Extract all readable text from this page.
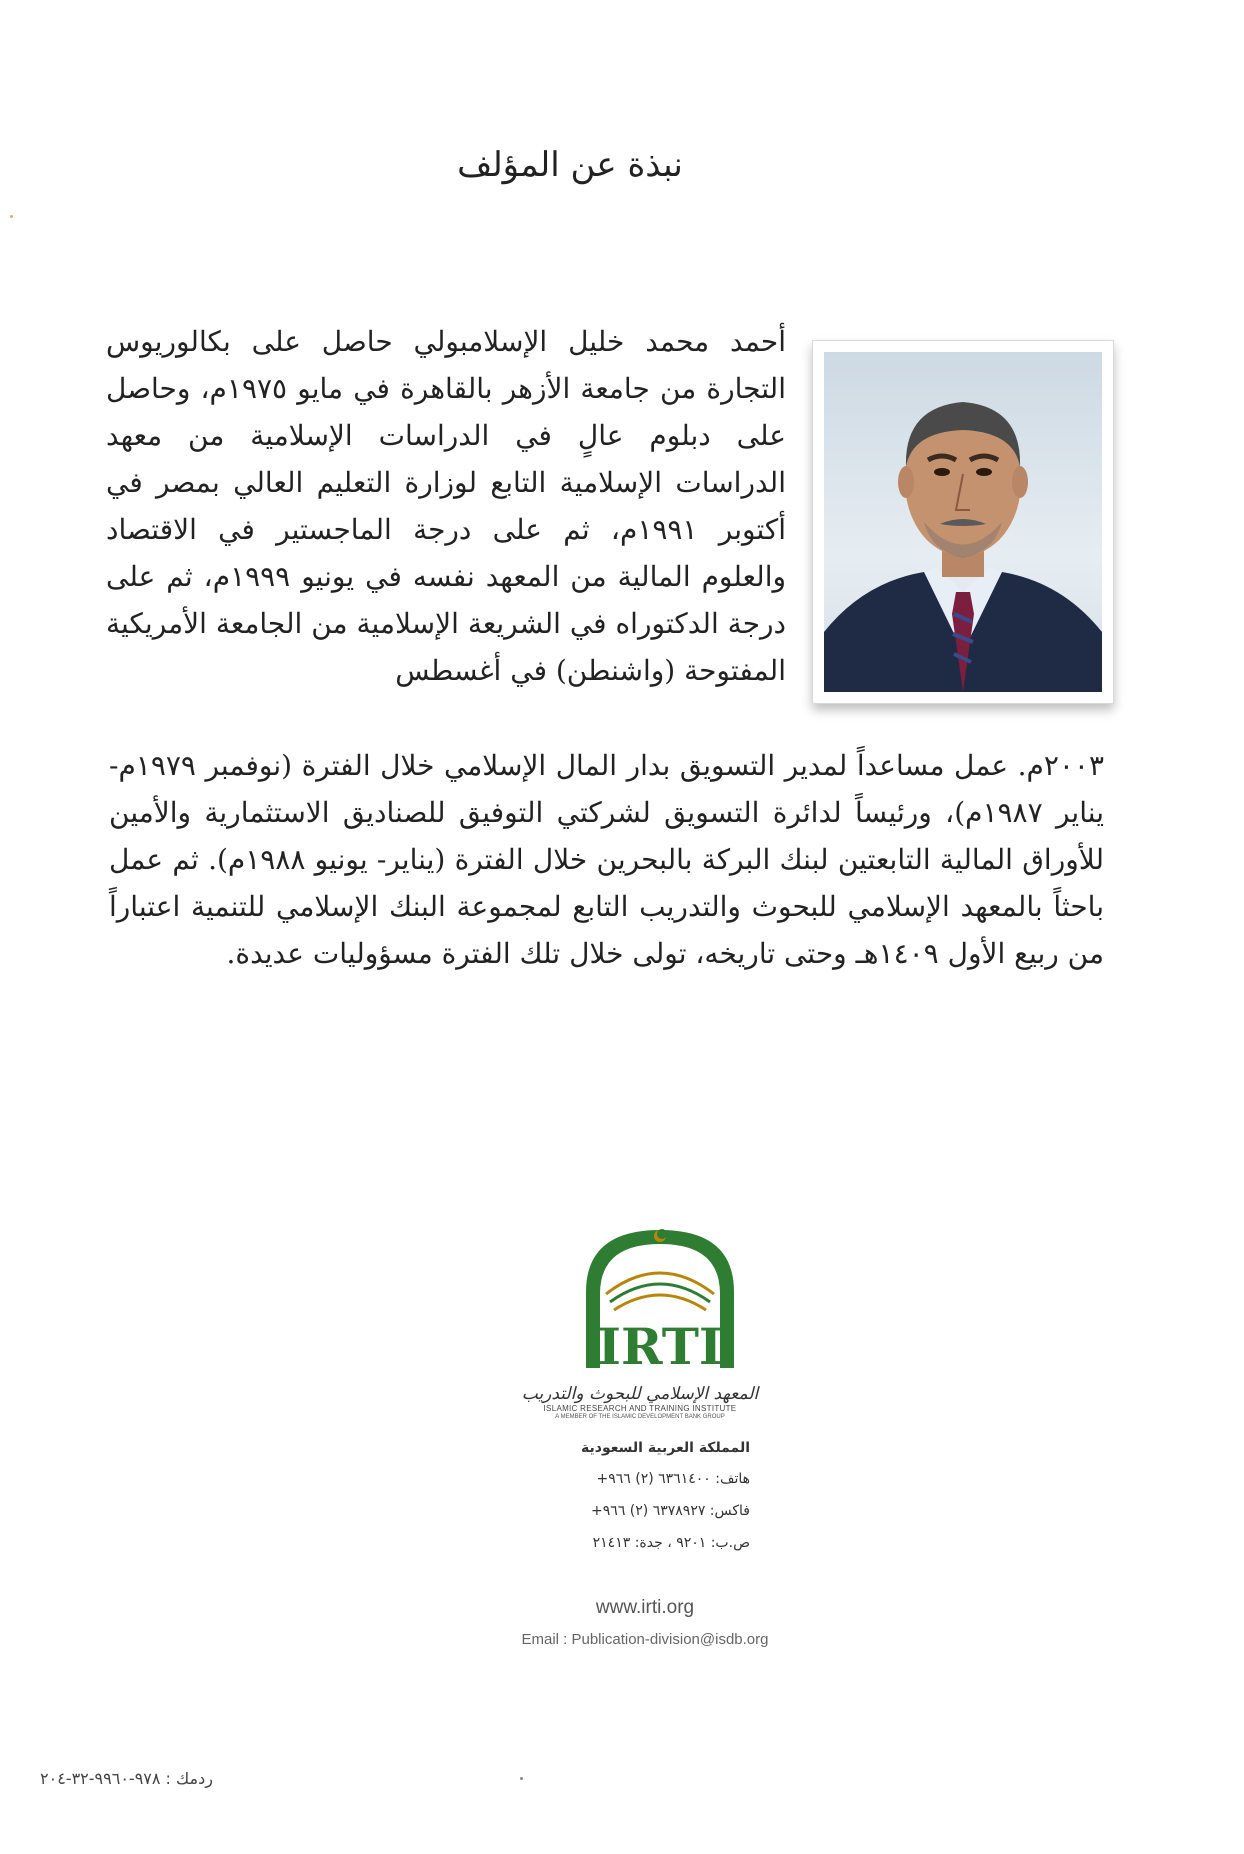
نبذة عن المؤلف
أحمد محمد خليل الإسلامبولي حاصل على بكالوريوس التجارة من جامعة الأزهر بالقاهرة في مايو ١٩٧٥م، وحاصل على دبلوم عالٍ في الدراسات الإسلامية من معهد الدراسات الإسلامية التابع لوزارة التعليم العالي بمصر في أكتوبر ١٩٩١م، ثم على درجة الماجستير في الاقتصاد والعلوم المالية من المعهد نفسه في يونيو ١٩٩٩م، ثم على درجة الدكتوراه في الشريعة الإسلامية من الجامعة الأمريكية المفتوحة (واشنطن) في أغسطس
٢٠٠٣م. عمل مساعداً لمدير التسويق بدار المال الإسلامي خلال الفترة (نوفمبر ١٩٧٩م- يناير ١٩٨٧م)، ورئيساً لدائرة التسويق لشركتي التوفيق للصناديق الاستثمارية والأمين للأوراق المالية التابعتين لبنك البركة بالبحرين خلال الفترة (يناير- يونيو ١٩٨٨م). ثم عمل باحثاً بالمعهد الإسلامي للبحوث والتدريب التابع لمجموعة البنك الإسلامي للتنمية اعتباراً من ربيع الأول ١٤٠٩هـ وحتى تاريخه، تولى خلال تلك الفترة مسؤوليات عديدة.
IRTI
المعهد الإسلامي للبحوث والتدريب
ISLAMIC RESEARCH AND TRAINING INSTITUTE
A MEMBER OF THE ISLAMIC DEVELOPMENT BANK GROUP
المملكة العربية السعودية
هاتف: ٦٣٦١٤٠٠ (٢) ٩٦٦+
فاكس: ٦٣٧٨٩٢٧ (٢) ٩٦٦+
ص.ب: ٩٢٠١ ، جدة: ٢١٤١٣
www.irti.org
Email : Publication-division@isdb.org
ردمك : ٩٧٨-٩٩٦٠-٣٢-٢٠٤
